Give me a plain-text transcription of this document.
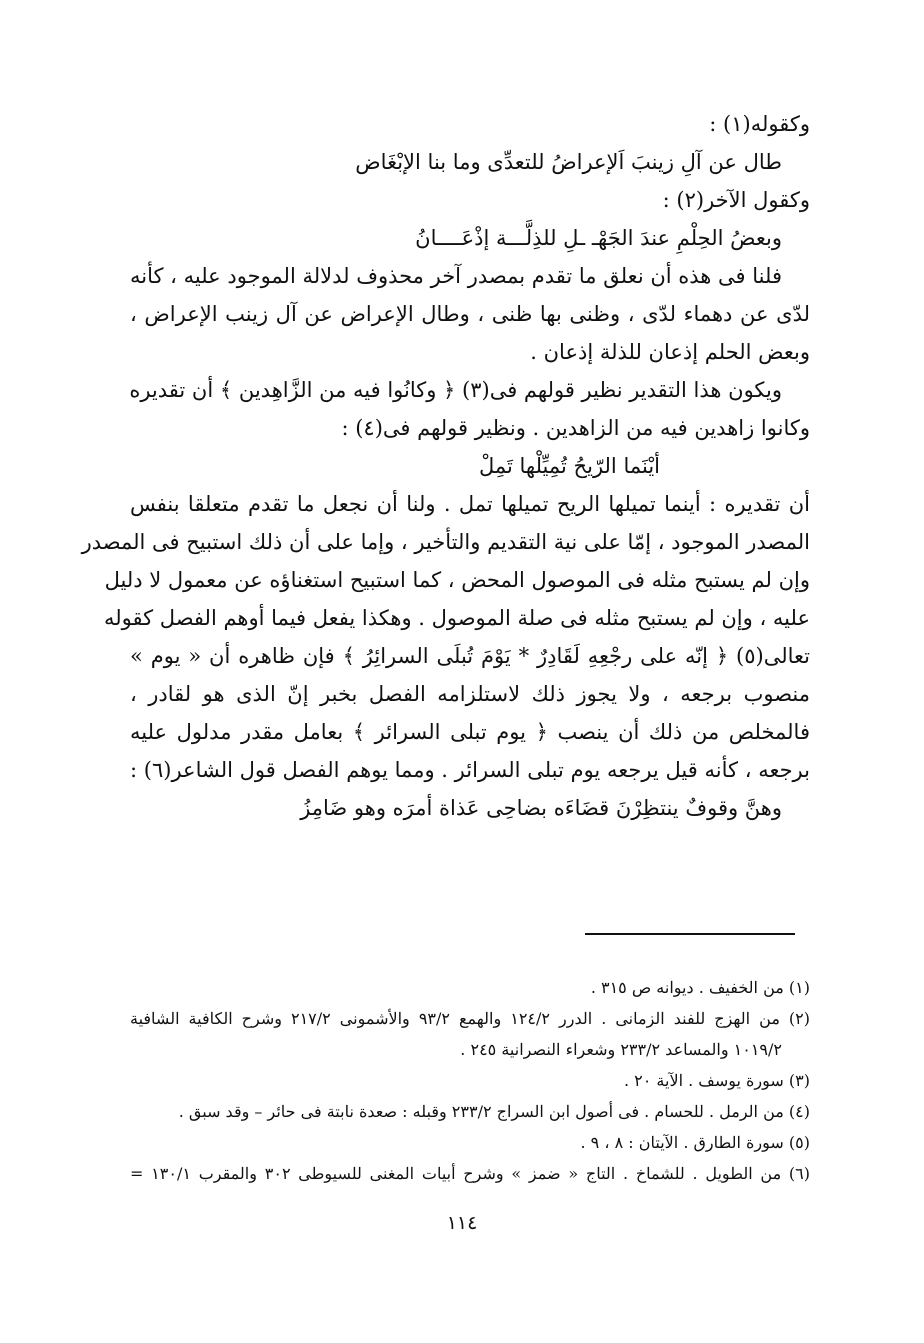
وكقوله(١) :
طال عن آلِ زينبَ اَلإعراضُ للتعدِّى وما بنا الإبْغَاض
وكقول الآخر(٢) :
وبعضُ الحِلْمِ عندَ الجَهْـ ـلِ للذِلَّـــة إذْعَــــانُ
فلنا فى هذه أن نعلق ما تقدم بمصدر آخر محذوف لدلالة الموجود عليه ، كأنه
لدّى عن دهماء لدّى ، وظنى بها ظنى ، وطال الإعراض عن آل زينب الإعراض ،
وبعض الحلم إذعان للذلة إذعان .
ويكون هذا التقدير نظير قولهم فى(٣) ﴿ وكانُوا فيه من الزَّاهِدين ﴾ أن تقديره
وكانوا زاهدين فيه من الزاهدين . ونظير قولهم فى(٤) :
أيْنَما الرّيحُ تُمِيِّلْها تَمِلْ
أن تقديره : أينما تميلها الريح تميلها تمل . ولنا أن نجعل ما تقدم متعلقا بنفس
المصدر الموجود ، إمّا على نية التقديم والتأخير ، وإما على أن ذلك استبيح فى المصدر
وإن لم يستبح مثله فى الموصول المحض ، كما استبيح استغناؤه عن معمول لا دليل
عليه ، وإن لم يستبح مثله فى صلة الموصول . وهكذا يفعل فيما أوهم الفصل كقوله
تعالى(٥) ﴿ إنّه على رجْعِهِ لَقَادِرٌ * يَوْمَ تُبلَى السرائِرُ ﴾ فإن ظاهره أن « يوم »
منصوب برجعه ، ولا يجوز ذلك لاستلزامه الفصل بخبر إنّ الذى هو لقادر ،
فالمخلص من ذلك أن ينصب ﴿ يوم تبلى السرائر ﴾ بعامل مقدر مدلول عليه
برجعه ، كأنه قيل يرجعه يوم تبلى السرائر . ومما يوهم الفصل قول الشاعر(٦) :
وهنَّ وقوفٌ ينتظِرْنَ قضَاءَه بضاحِى عَذاة أمرَه وهو ضَامِزُ
(١) من الخفيف . ديوانه ص ٣١٥ .
(٢) من الهزج للفند الزمانى . الدرر ١٢٤/٢ والهمع ٩٣/٢ والأشمونى ٢١٧/٢ وشرح الكافية الشافية
١٠١٩/٢ والمساعد ٢٣٣/٢ وشعراء النصرانية ٢٤٥ .
(٣) سورة يوسف . الآية ٢٠ .
(٤) من الرمل . للحسام . فى أصول ابن السراج ٢٣٣/٢ وقبله : صعدة نابتة فى حائر – وقد سبق .
(٥) سورة الطارق . الآيتان : ٨ ، ٩ .
(٦) من الطويل . للشماخ . التاج « ضمز » وشرح أبيات المغنى للسيوطى ٣٠٢ والمقرب ١٣٠/١ =
١١٤
